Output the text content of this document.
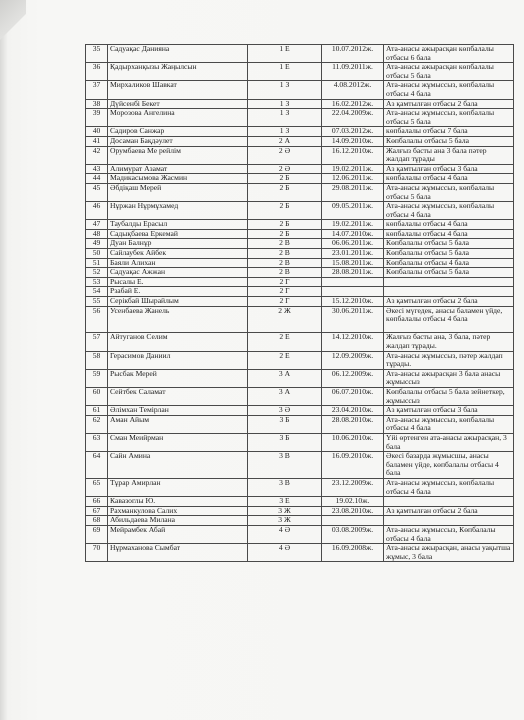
35	Садуақас Данияна	1 Е	10.07.2012ж.	Ата-анасы ажырасқан көпбалалы отбасы 6 бала
36	Қадырханқызы Жаңылсын	1 Е	11.09.2011ж.	Ата-анасы ажырасқан көпбалалы отбасы 5 бала
37	Мирхаликов Шавкат	1 З	4.08.2012ж.	Ата-анасы жұмыссыз, көпбалалы отбасы 4 бала
38	Дүйсенбі Бекет	1 З	16.02.2012ж.	Аз қамтылған отбасы 2 бала
39	Морозова Ангелина	1 З	22.04.2009ж.	Ата-анасы жұмыссыз, көпбалалы отбасы 5 бала
40	Садиров Санжар	1 З	07.03.2012ж.	көпбалалы отбасы 7 бала
41	Досаман Бақдәулет	2 А	14.09.2010ж.	Көпбалалы отбасы 5 бала
42	Орумбаева Ме рейлім	2 Ә	16.12.2010ж.	Жалғыз басты ана 3 бала пәтер жалдап тұрады
43	Алимурат Азамат	2 Ә	19.02.2011ж.	Аз қамтылған отбасы 3 бала
44	Мадикасымова Жасмин	2 Б	12.06.2011ж.	көпбалалы отбасы 4 бала
45	Әбдіқаш Мерей	2 Б	29.08.2011ж.	Ата-анасы жұмыссыз, көпбалалы отбасы 5 бала
46	Нұржан Нұрмұхамед	2 Б	09.05.2011ж.	Ата-анасы жұмыссыз, көпбалалы отбасы 4 бала
47	Таубалды Ерасыл	2 Б	19.02.2011ж.	көпбалалы отбасы 4 бала
48	Садықбаева Еркемай	2 Б	14.07.2010ж.	көпбалалы отбасы 4 бала
49	Дуан Балнұр	2 В	06.06.2011ж.	Көпбалалы отбасы 5 бала
50	Сайлаубек Айбек	2 В	23.01.2011ж.	Көпбалалы отбасы 5 бала
51	Баяли Алихан	2 В	15.08.2011ж.	Көпбалалы отбасы 4 бала
52	Садуақас Ажжан	2 В	28.08.2011ж.	Көпбалалы отбасы 5 бала
53	Рысалы Е.	2 Г		
54	Рзабай Е.	2 Г		
55	Серікбай Шырайлым	2 Г	15.12.2010ж.	Аз қамтылған отбасы 2 бала
56	Усенбаева Жанель	2 Ж	30.06.2011ж.	Әкесі мүгедек, анасы баламен үйде, көпбалалы отбасы 4 бала
57	Айтуганов Селим	2 Е	14.12.2010ж.	Жалғыз басты ана, 3 бала, пәтер жалдап тұрады.
58	Герасимов Даниил	2 Е	12.09.2009ж.	Ата-анасы жұмыссыз, пәтер жалдап тұрады.
59	Рысбак Мерей	3 А	06.12.2009ж.	Ата-анасы ажырасқан 3 бала анасы жұмыссыз
60	Сейтбек Саламат	3 А	06.07.2010ж.	Көпбалалы отбасы 5 бала зейнеткер, жұмыссыз
61	Әлімхан Темірлан	3 Ә	23.04.2010ж.	Аз қамтылған отбасы 3 бала
62	Аман Айым	3 Б	28.08.2010ж.	Ата-анасы жұмыссыз, көпбалалы отбасы 4 бала
63	Сман Меийрман	3 Б	10.06.2010ж.	Үйі өртенген ата-анасы ажырасқан, 3 бала
64	Сайн Амина	3 В	16.09.2010ж.	Әкесі базарда жұмысшы, анасы баламен үйде, көпбалалы отбасы 4 бала
65	Тұрар Амирлан	3 В	23.12.2009ж.	Ата-анасы жұмыссыз, көпбалалы отбасы 4 бала
66	Кавазоглы Ю.	3 Е	19.02.10ж.	
67	Рахманкулова Салих	3 Ж	23.08.2010ж.	Аз қамтылған отбасы 2 бала
68	Абильдаева Милана	3 Ж		
69	Мейрамбек Абай	4 Ә	03.08.2009ж.	Ата-анасы жұмыссыз, Көпбалалы отбасы 4 бала
70	Нұрмаханова Сымбат	4 Ә	16.09.2008ж.	Ата-анасы ажырасқан, анасы уақытша жұмыс, 3 бала
